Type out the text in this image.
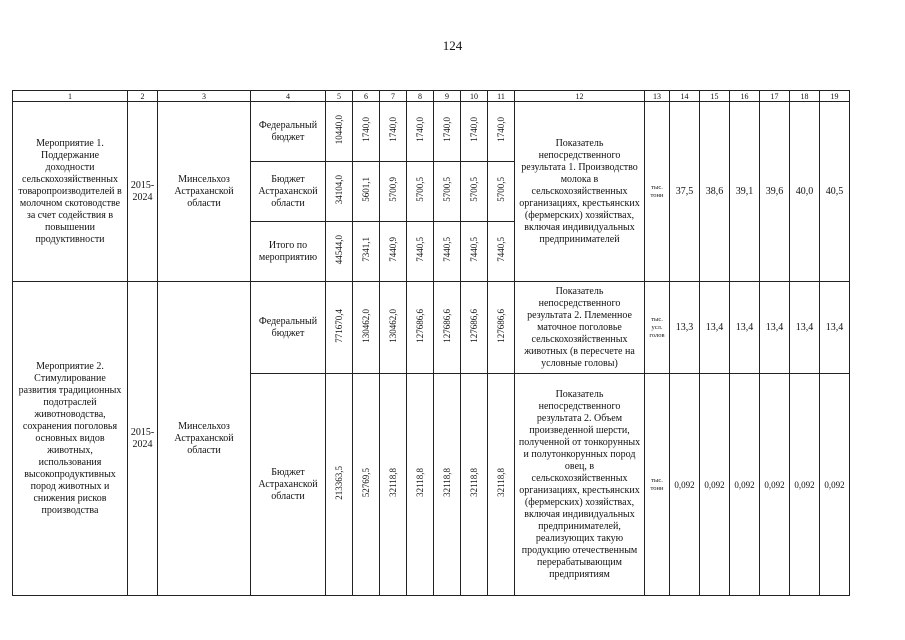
124
1	2	3	4	5	6	7	8	9	10	11	12	13	14	15	16	17	18	19
Мероприятие 1. Поддержание доходности сельскохозяйственных товаропроизводителей в молочном скотоводстве за счет содействия в повышении продуктивности	2015-2024	Минсельхоз Астраханской области	Федеральный бюджет	10440,0	1740,0	1740,0	1740,0	1740,0	1740,0	1740,0	Показатель непосредственного результата 1. Производство молока в сельскохозяйственных организациях, крестьянских (фермерских) хозяйствах, включая индивидуальных предпринимателей	тыс. тонн	37,5	38,6	39,1	39,6	40,0	40,5
			Бюджет Астраханской области	34104,0	5601,1	5700,9	5700,5	5700,5	5700,5	5700,5								
			Итого по мероприятию	44544,0	7341,1	7440,9	7440,5	7440,5	7440,5	7440,5								
Мероприятие 2. Стимулирование развития традиционных подотраслей животноводства, сохранения поголовья основных видов животных, использования высокопродуктивных пород животных и снижения рисков производства	2015-2024	Минсельхоз Астраханской области	Федеральный бюджет	771670,4	130462,0	130462,0	127686,6	127686,6	127686,6	127686,6	Показатель непосредственного результата 2. Племенное маточное поголовье сельскохозяйственных животных (в пересчете на условные головы)	тыс. усл. голов	13,3	13,4	13,4	13,4	13,4	13,4
			Бюджет Астраханской области	213363,5	52769,5	32118,8	32118,8	32118,8	32118,8	32118,8	Показатель непосредственного результата 2. Объем произведенной шерсти, полученной от тонкорунных и полутонкорунных пород овец, в сельскохозяйственных организациях, крестьянских (фермерских) хозяйствах, включая индивидуальных предпринимателей, реализующих такую продукцию отечественным перерабатывающим предприятиям	тыс. тонн	0,092	0,092	0,092	0,092	0,092	0,092
